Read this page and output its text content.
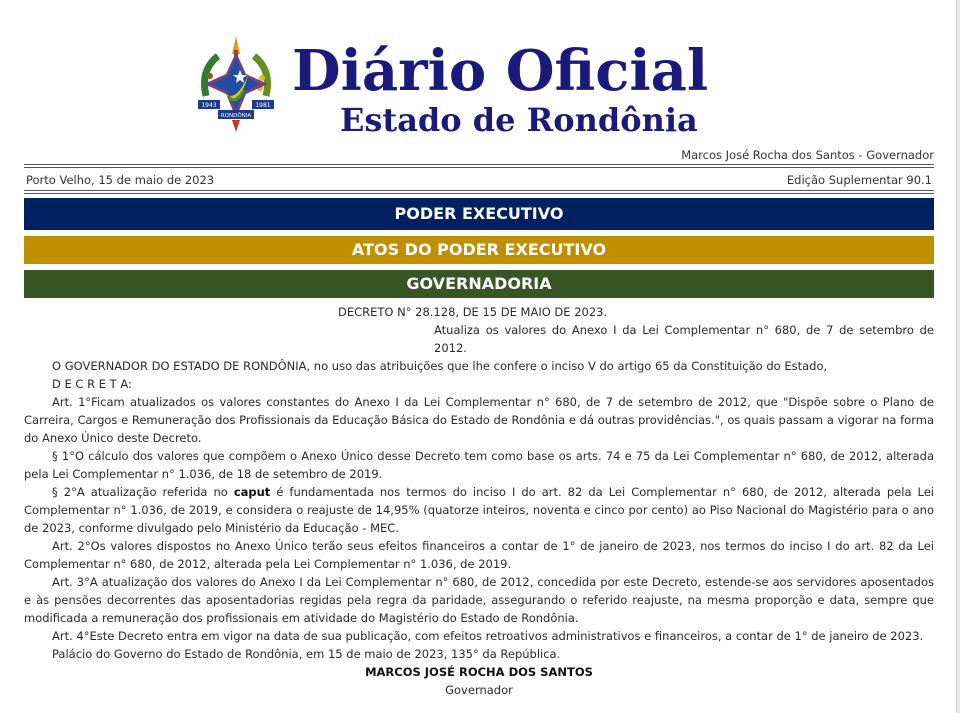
1943	1981
RONDÔNIA
Diário Oficial
Estado de Rondônia
Marcos José Rocha dos Santos - Governador
Porto Velho, 15 de maio de 2023	Edição Suplementar 90.1
PODER EXECUTIVO
ATOS DO PODER EXECUTIVO
GOVERNADORIA
DECRETO N° 28.128, DE 15 DE MAIO DE 2023.
Atualiza os valores do Anexo I da Lei Complementar n° 680, de 7 de setembro de 2012.
O GOVERNADOR DO ESTADO DE RONDÔNIA, no uso das atribuições que lhe confere o inciso V do artigo 65 da Constituição do Estado,
D E C R E T A:
Art. 1°Ficam atualizados os valores constantes do Anexo I da Lei Complementar n° 680, de 7 de setembro de 2012, que "Dispõe sobre o Plano de Carreira, Cargos e Remuneração dos Profissionais da Educação Básica do Estado de Rondônia e dá outras providências.", os quais passam a vigorar na forma do Anexo Único deste Decreto.
§ 1°O cálculo dos valores que compõem o Anexo Único desse Decreto tem como base os arts. 74 e 75 da Lei Complementar n° 680, de 2012, alterada pela Lei Complementar n° 1.036, de 18 de setembro de 2019.
§ 2°A atualização referida no caput é fundamentada nos termos do inciso I do art. 82 da Lei Complementar n° 680, de 2012, alterada pela Lei Complementar n° 1.036, de 2019, e considera o reajuste de 14,95% (quatorze inteiros, noventa e cinco por cento) ao Piso Nacional do Magistério para o ano de 2023, conforme divulgado pelo Ministério da Educação - MEC.
Art. 2°Os valores dispostos no Anexo Único terão seus efeitos financeiros a contar de 1° de janeiro de 2023, nos termos do inciso I do art. 82 da Lei Complementar n° 680, de 2012, alterada pela Lei Complementar n° 1.036, de 2019.
Art. 3°A atualização dos valores do Anexo I da Lei Complementar n° 680, de 2012, concedida por este Decreto, estende-se aos servidores aposentados e às pensões decorrentes das aposentadorias regidas pela regra da paridade, assegurando o referido reajuste, na mesma proporção e data, sempre que modificada a remuneração dos profissionais em atividade do Magistério do Estado de Rondônia.
Art. 4°Este Decreto entra em vigor na data de sua publicação, com efeitos retroativos administrativos e financeiros, a contar de 1° de janeiro de 2023.
Palácio do Governo do Estado de Rondônia, em 15 de maio de 2023, 135° da República.
MARCOS JOSÉ ROCHA DOS SANTOS
Governador
